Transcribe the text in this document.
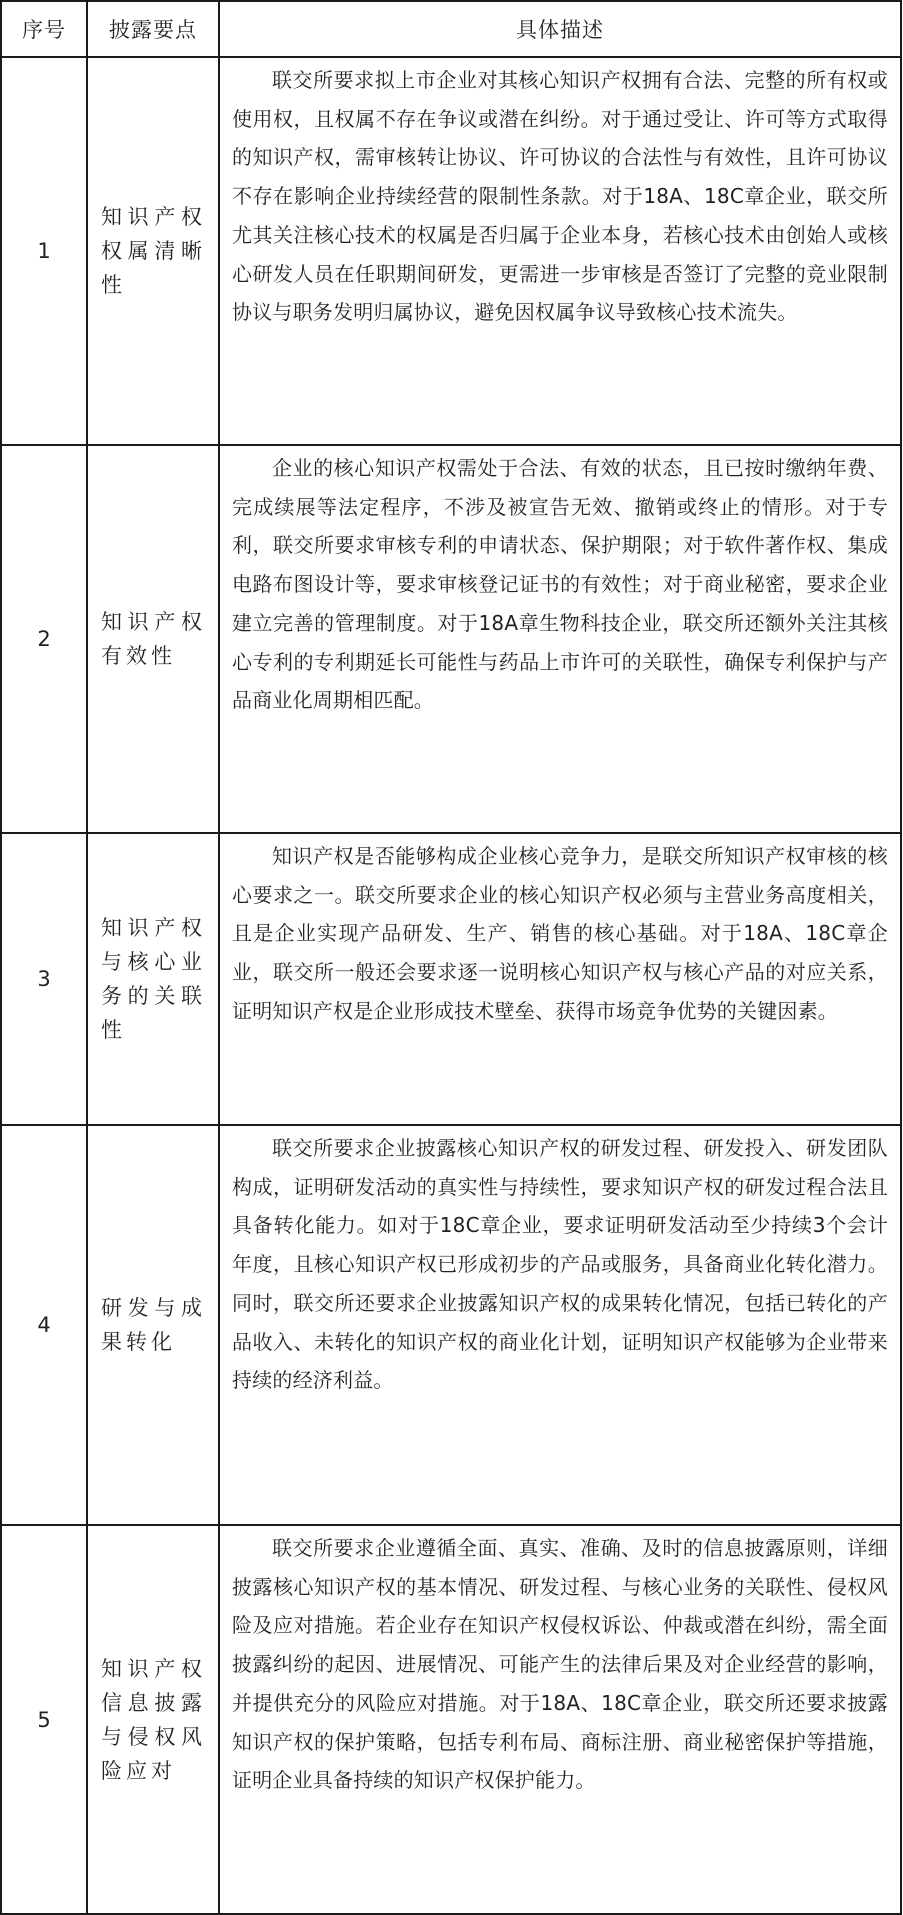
序号	披露要点	具体描述
1
知识产权权属清晰性
联交所要求拟上市企业对其核心知识产权拥有合法、完整的所有权或使用权，且权属不存在争议或潜在纠纷。对于通过受让、许可等方式取得的知识产权，需审核转让协议、许可协议的合法性与有效性，且许可协议不存在影响企业持续经营的限制性条款。对于18A、18C章企业，联交所尤其关注核心技术的权属是否归属于企业本身，若核心技术由创始人或核心研发人员在任职期间研发，更需进一步审核是否签订了完整的竞业限制协议与职务发明归属协议，避免因权属争议导致核心技术流失。
2
知识产权有效性
企业的核心知识产权需处于合法、有效的状态，且已按时缴纳年费、完成续展等法定程序，不涉及被宣告无效、撤销或终止的情形。对于专利，联交所要求审核专利的申请状态、保护期限；对于软件著作权、集成电路布图设计等，要求审核登记证书的有效性；对于商业秘密，要求企业建立完善的管理制度。对于18A章生物科技企业，联交所还额外关注其核心专利的专利期延长可能性与药品上市许可的关联性，确保专利保护与产品商业化周期相匹配。
3
知识产权与核心业务的关联性
知识产权是否能够构成企业核心竞争力，是联交所知识产权审核的核心要求之一。联交所要求企业的核心知识产权必须与主营业务高度相关，且是企业实现产品研发、生产、销售的核心基础。对于18A、18C章企业，联交所一般还会要求逐一说明核心知识产权与核心产品的对应关系，证明知识产权是企业形成技术壁垒、获得市场竞争优势的关键因素。
4
研发与成果转化
联交所要求企业披露核心知识产权的研发过程、研发投入、研发团队构成，证明研发活动的真实性与持续性，要求知识产权的研发过程合法且具备转化能力。如对于18C章企业，要求证明研发活动至少持续3个会计年度，且核心知识产权已形成初步的产品或服务，具备商业化转化潜力。同时，联交所还要求企业披露知识产权的成果转化情况，包括已转化的产品收入、未转化的知识产权的商业化计划，证明知识产权能够为企业带来持续的经济利益。
5
知识产权信息披露与侵权风险应对
联交所要求企业遵循全面、真实、准确、及时的信息披露原则，详细披露核心知识产权的基本情况、研发过程、与核心业务的关联性、侵权风险及应对措施。若企业存在知识产权侵权诉讼、仲裁或潜在纠纷，需全面披露纠纷的起因、进展情况、可能产生的法律后果及对企业经营的影响，并提供充分的风险应对措施。对于18A、18C章企业，联交所还要求披露知识产权的保护策略，包括专利布局、商标注册、商业秘密保护等措施，证明企业具备持续的知识产权保护能力。
